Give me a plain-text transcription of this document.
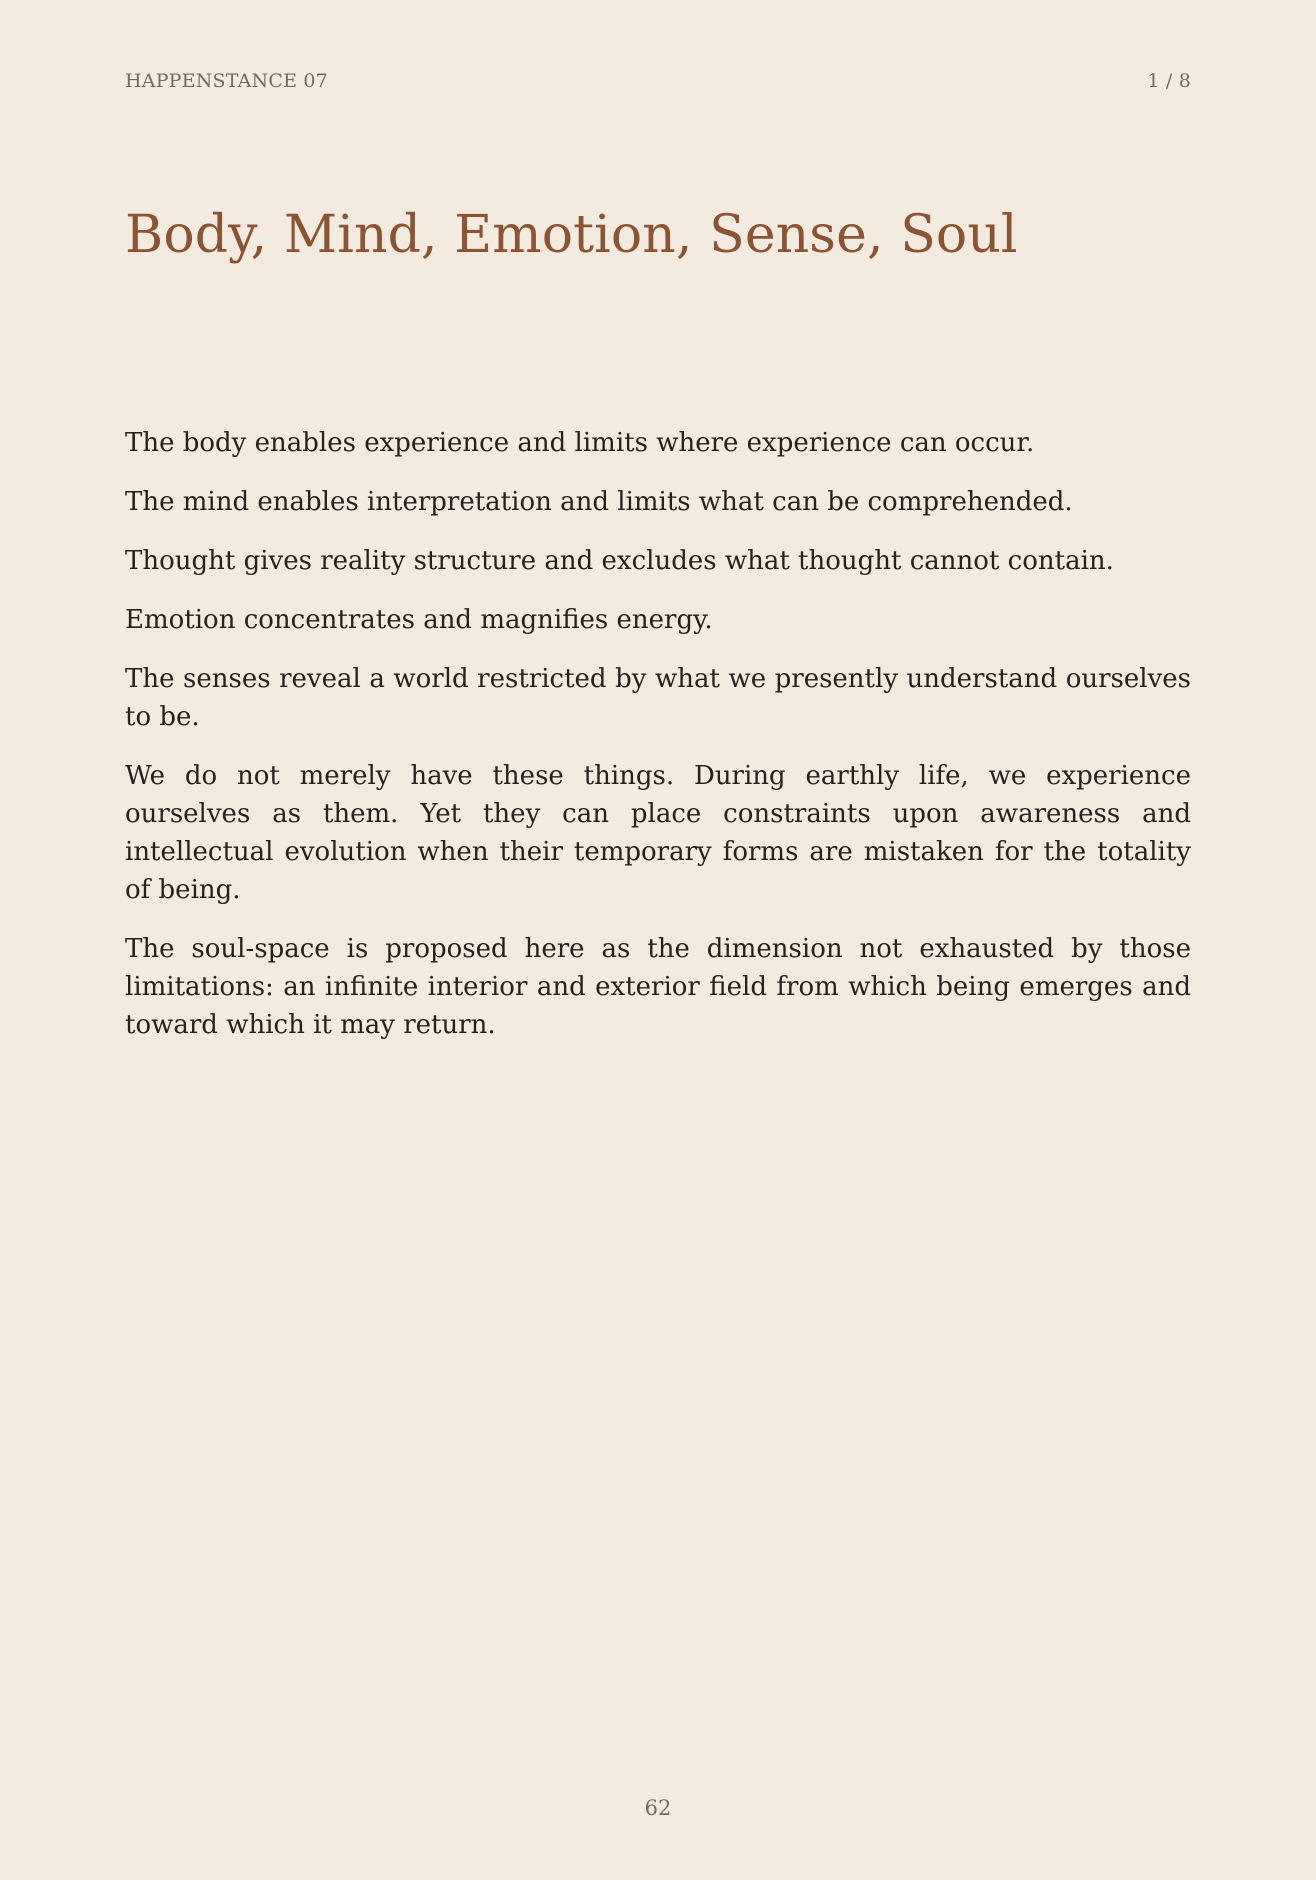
HAPPENSTANCE 07	1 / 8
Body, Mind, Emotion, Sense, Soul

The body enables experience and limits where experience can occur.

The mind enables interpretation and limits what can be comprehended.

Thought gives reality structure and excludes what thought cannot contain.

Emotion concentrates and magnifies energy.

The senses reveal a world restricted by what we presently understand ourselves to be.

We do not merely have these things. During earthly life, we experience ourselves as them. Yet they can place constraints upon awareness and intellectual evolution when their temporary forms are mistaken for the totality of being.

The soul-space is proposed here as the dimension not exhausted by those limitations: an infinite interior and exterior field from which being emerges and toward which it may return.

62
